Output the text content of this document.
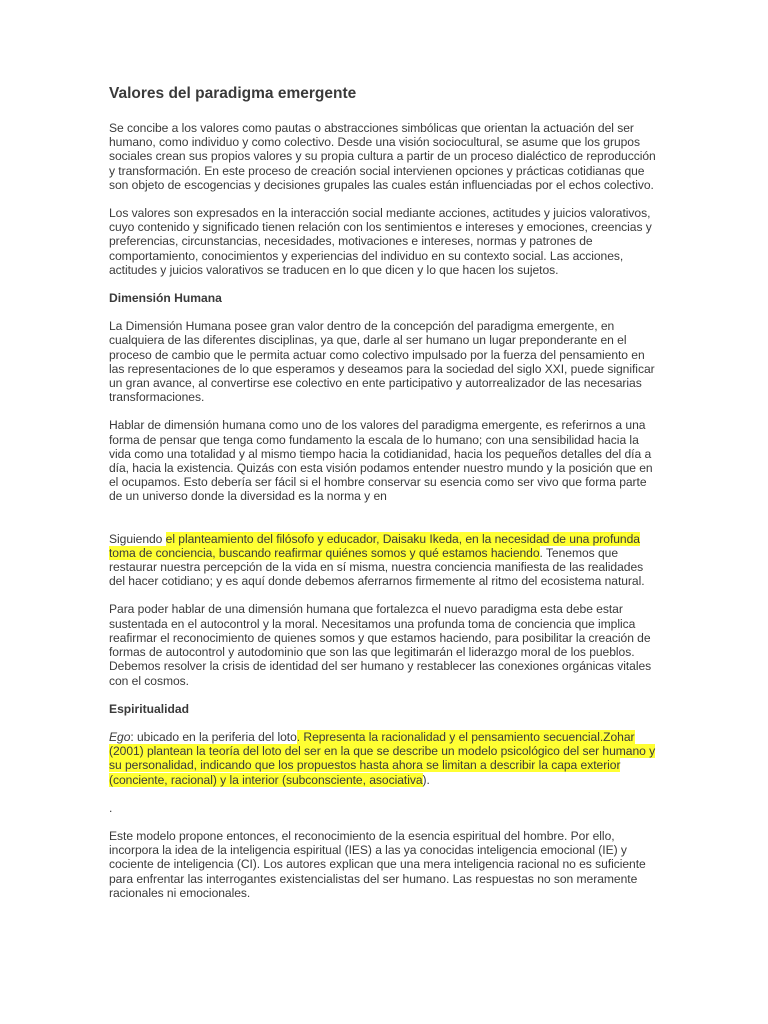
Valores del paradigma emergente

Se concibe a los valores como pautas o abstracciones simbólicas que orientan la actuación del ser humano, como individuo y como colectivo. Desde una visión sociocultural, se asume que los grupos sociales crean sus propios valores y su propia cultura a partir de un proceso dialéctico de reproducción y transformación. En este proceso de creación social intervienen opciones y prácticas cotidianas que son objeto de escogencias y decisiones grupales las cuales están influenciadas por el echos colectivo.

Los valores son expresados en la interacción social mediante acciones, actitudes y juicios valorativos, cuyo contenido y significado tienen relación con los sentimientos e intereses y emociones, creencias y preferencias, circunstancias, necesidades, motivaciones e intereses, normas y patrones de comportamiento, conocimientos y experiencias del individuo en su contexto social. Las acciones, actitudes y juicios valorativos se traducen en lo que dicen y lo que hacen los sujetos.

Dimensión Humana

La Dimensión Humana posee gran valor dentro de la concepción del paradigma emergente, en cualquiera de las diferentes disciplinas, ya que, darle al ser humano un lugar preponderante en el proceso de cambio que le permita actuar como colectivo impulsado por la fuerza del pensamiento en las representaciones de lo que esperamos y deseamos para la sociedad del siglo XXI, puede significar un gran avance, al convertirse ese colectivo en ente participativo y autorrealizador de las necesarias transformaciones.

Hablar de dimensión humana como uno de los valores del paradigma emergente, es referirnos a una forma de pensar que tenga como fundamento la escala de lo humano; con una sensibilidad hacia la vida como una totalidad y al mismo tiempo hacia la cotidianidad, hacia los pequeños detalles del día a día, hacia la existencia. Quizás con esta visión podamos entender nuestro mundo y la posición que en el ocupamos. Esto debería ser fácil si el hombre conservar su esencia como ser vivo que forma parte de un universo donde la diversidad es la norma y en

Siguiendo el planteamiento del filósofo y educador, Daisaku Ikeda, en la necesidad de una profunda toma de conciencia, buscando reafirmar quiénes somos y qué estamos haciendo. Tenemos que restaurar nuestra percepción de la vida en sí misma, nuestra conciencia manifiesta de las realidades del hacer cotidiano; y es aquí donde debemos aferrarnos firmemente al ritmo del ecosistema natural.

Para poder hablar de una dimensión humana que fortalezca el nuevo paradigma esta debe estar sustentada en el autocontrol y la moral. Necesitamos una profunda toma de conciencia que implica reafirmar el reconocimiento de quienes somos y que estamos haciendo, para posibilitar la creación de formas de autocontrol y autodominio que son las que legitimarán el liderazgo moral de los pueblos. Debemos resolver la crisis de identidad del ser humano y restablecer las conexiones orgánicas vitales con el cosmos.

Espiritualidad

Ego: ubicado en la periferia del loto. Representa la racionalidad y el pensamiento secuencial.Zohar (2001) plantean la teoría del loto del ser en la que se describe un modelo psicológico del ser humano y su personalidad, indicando que los propuestos hasta ahora se limitan a describir la capa exterior (conciente, racional) y la interior (subconsciente, asociativa).

.

Este modelo propone entonces, el reconocimiento de la esencia espiritual del hombre. Por ello, incorpora la idea de la inteligencia espiritual (IES) a las ya conocidas inteligencia emocional (IE) y cociente de inteligencia (CI). Los autores explican que una mera inteligencia racional no es suficiente para enfrentar las interrogantes existencialistas del ser humano. Las respuestas no son meramente racionales ni emocionales.
